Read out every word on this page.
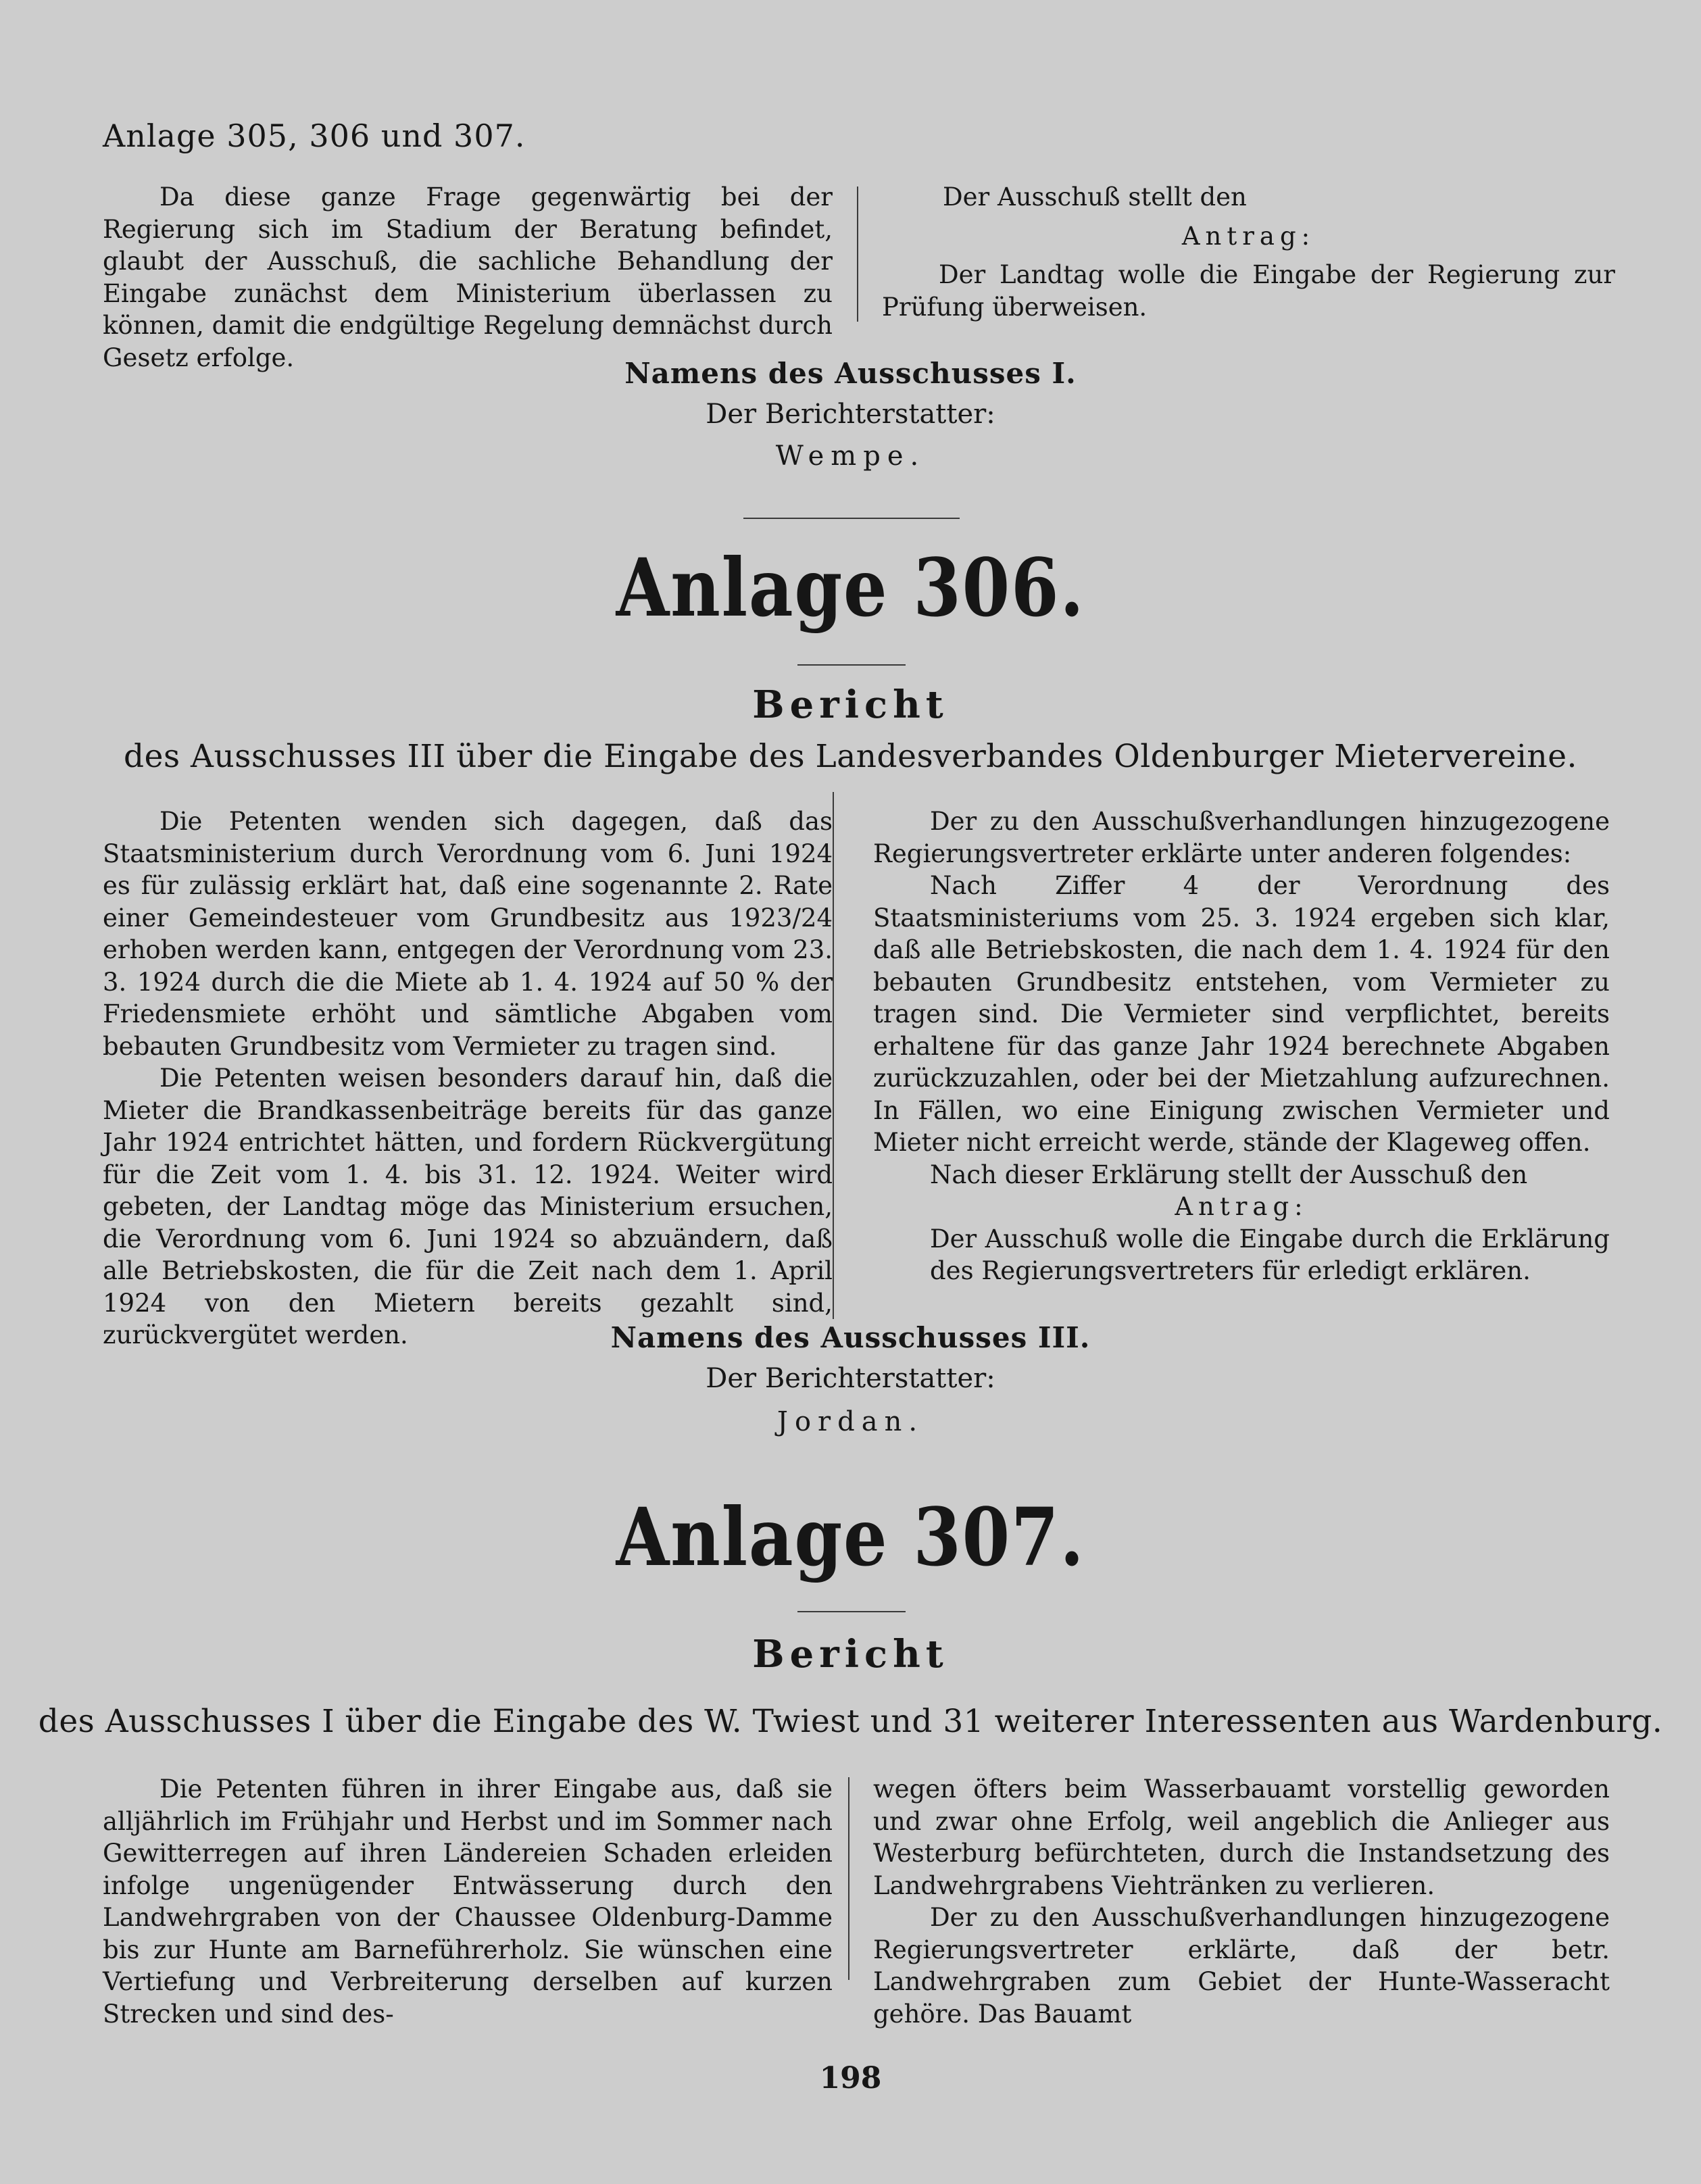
Anlage 305, 306 und 307.

Da diese ganze Frage gegenwärtig bei der Regierung sich im Stadium der Beratung befindet, glaubt der Ausschuß, die sachliche Behandlung der Eingabe zunächst dem Ministerium überlassen zu können, damit die endgültige Regelung demnächst durch Gesetz erfolge.

Der Ausschuß stellt den

Antrag:

Der Landtag wolle die Eingabe der Regierung zur Prüfung überweisen.

Namens des Ausschusses I.
Der Berichterstatter:
Wempe.
Anlage 306.
Bericht
des Ausschusses III über die Eingabe des Landesverbandes Oldenburger Mietervereine.

Die Petenten wenden sich dagegen, daß das Staatsministerium durch Verordnung vom 6. Juni 1924 es für zulässig erklärt hat, daß eine sogenannte 2. Rate einer Gemeindesteuer vom Grundbesitz aus 1923/24 erhoben werden kann, entgegen der Verordnung vom 23. 3. 1924 durch die die Miete ab 1. 4. 1924 auf 50 % der Friedensmiete erhöht und sämtliche Abgaben vom bebauten Grundbesitz vom Vermieter zu tragen sind.

Die Petenten weisen besonders darauf hin, daß die Mieter die Brandkassenbeiträge bereits für das ganze Jahr 1924 entrichtet hätten, und fordern Rückvergütung für die Zeit vom 1. 4. bis 31. 12. 1924. Weiter wird gebeten, der Landtag möge das Ministerium ersuchen, die Verordnung vom 6. Juni 1924 so abzuändern, daß alle Betriebskosten, die für die Zeit nach dem 1. April 1924 von den Mietern bereits gezahlt sind, zurückvergütet werden.

Der zu den Ausschußverhandlungen hinzugezogene Regierungsvertreter erklärte unter anderen folgendes:

Nach Ziffer 4 der Verordnung des Staatsministeriums vom 25. 3. 1924 ergeben sich klar, daß alle Betriebskosten, die nach dem 1. 4. 1924 für den bebauten Grundbesitz entstehen, vom Vermieter zu tragen sind. Die Vermieter sind verpflichtet, bereits erhaltene für das ganze Jahr 1924 berechnete Abgaben zurückzuzahlen, oder bei der Mietzahlung aufzurechnen. In Fällen, wo eine Einigung zwischen Vermieter und Mieter nicht erreicht werde, stände der Klageweg offen.

Nach dieser Erklärung stellt der Ausschuß den

Antrag:

Der Ausschuß wolle die Eingabe durch die Erklärung des Regierungsvertreters für erledigt erklären.

Namens des Ausschusses III.
Der Berichterstatter:
Jordan.
Anlage 307.
Bericht
des Ausschusses I über die Eingabe des W. Twiest und 31 weiterer Interessenten aus Wardenburg.

Die Petenten führen in ihrer Eingabe aus, daß sie alljährlich im Frühjahr und Herbst und im Sommer nach Gewitterregen auf ihren Ländereien Schaden erleiden infolge ungenügender Entwässerung durch den Landwehrgraben von der Chaussee Oldenburg-Damme bis zur Hunte am Barneführerholz. Sie wünschen eine Vertiefung und Verbreiterung derselben auf kurzen Strecken und sind des-

wegen öfters beim Wasserbauamt vorstellig geworden und zwar ohne Erfolg, weil angeblich die Anlieger aus Westerburg befürchteten, durch die Instandsetzung des Landwehrgrabens Viehtränken zu verlieren.

Der zu den Ausschußverhandlungen hinzugezogene Regierungsvertreter erklärte, daß der betr. Landwehrgraben zum Gebiet der Hunte-Wasseracht gehöre. Das Bauamt

198
